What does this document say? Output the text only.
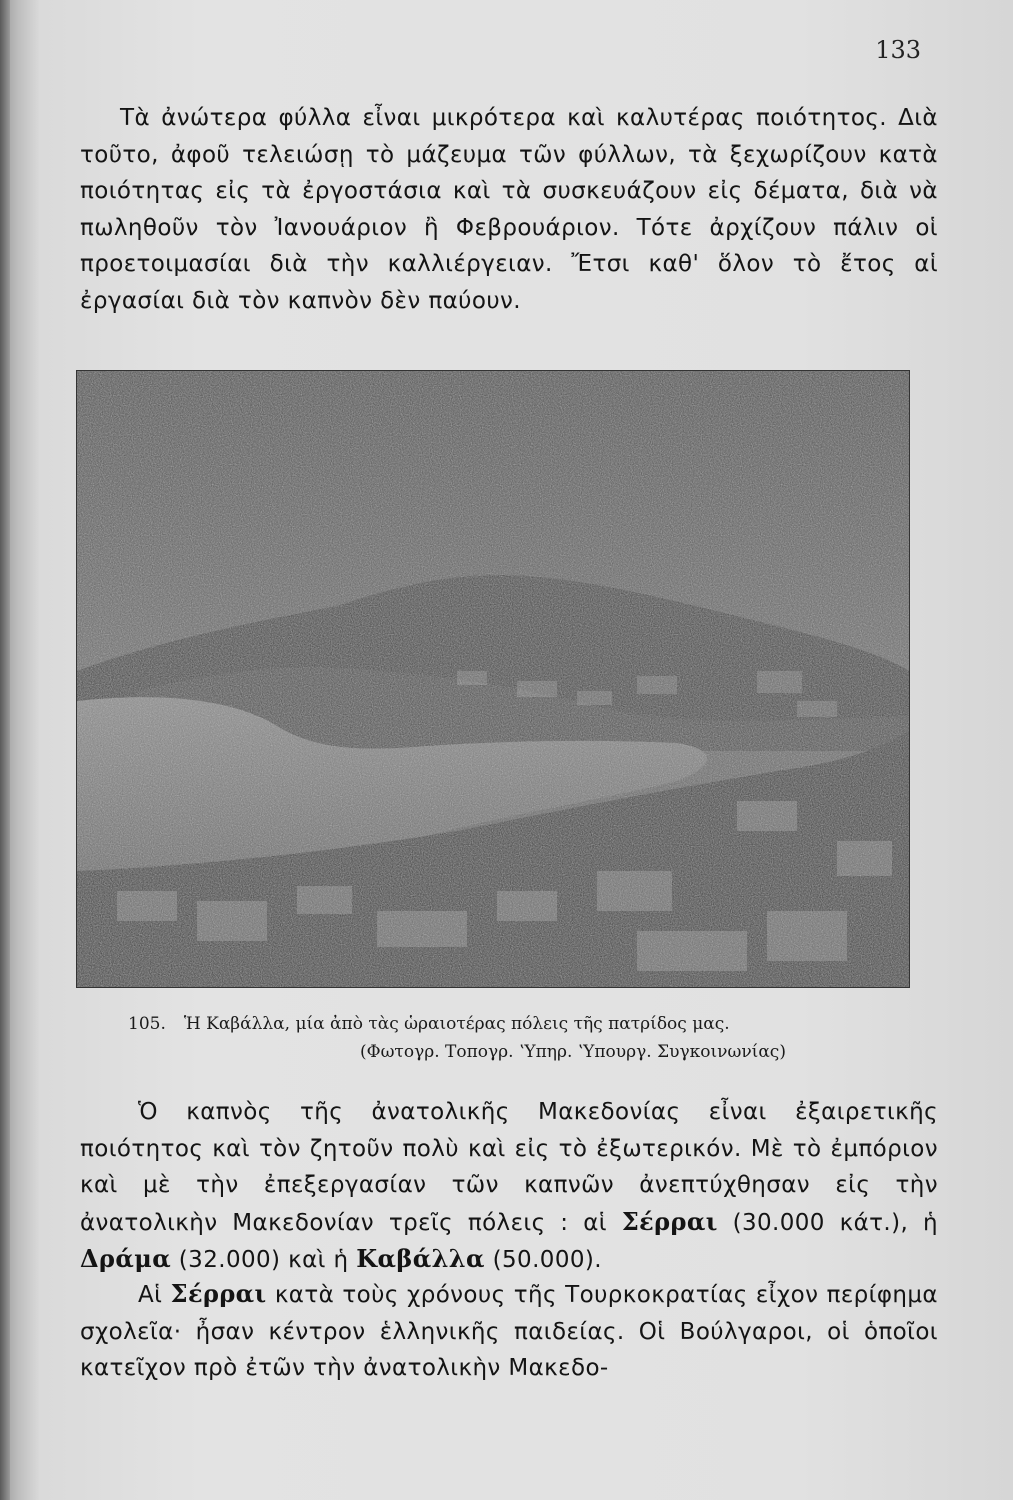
133

Τὰ ἀνώτερα φύλλα εἶναι μικρότερα καὶ καλυτέρας ποιότητος. Διὰ τοῦτο, ἀφοῦ τελειώσῃ τὸ μάζευμα τῶν φύλλων, τὰ ξεχωρίζουν κατὰ ποιότητας εἰς τὰ ἐργοστάσια καὶ τὰ συσκευάζουν εἰς δέματα, διὰ νὰ πωληθοῦν τὸν Ἰανουάριον ἢ Φεβρουάριον. Τότε ἀρχίζουν πάλιν οἱ προετοιμασίαι διὰ τὴν καλλιέργειαν. Ἔτσι καθ' ὅλον τὸ ἔτος αἱ ἐργασίαι διὰ τὸν καπνὸν δὲν παύουν.

105. Ἡ Καβάλλα, μία ἀπὸ τὰς ὡραιοτέρας πόλεις τῆς πατρίδος μας.
(Φωτογρ. Τοπογρ. ʽΥπηρ. ʽΥπουργ. Συγκοινωνίας)

Ὁ καπνὸς τῆς ἀνατολικῆς Μακεδονίας εἶναι ἐξαιρετικῆς ποιότητος καὶ τὸν ζητοῦν πολὺ καὶ εἰς τὸ ἐξωτερικόν. Μὲ τὸ ἐμπόριον καὶ μὲ τὴν ἐπεξεργασίαν τῶν καπνῶν ἀνεπτύχθησαν εἰς τὴν ἀνατολικὴν Μακεδονίαν τρεῖς πόλεις : αἱ Σέρραι (30.000 κάτ.), ἡ Δράμα (32.000) καὶ ἡ Καβάλλα (50.000).

Αἱ Σέρραι κατὰ τοὺς χρόνους τῆς Τουρκοκρατίας εἶχον περίφημα σχολεῖα· ἦσαν κέντρον ἑλληνικῆς παιδείας. Οἱ Βούλγαροι, οἱ ὁποῖοι κατεῖχον πρὸ ἐτῶν τὴν ἀνατολικὴν Μακεδο-
